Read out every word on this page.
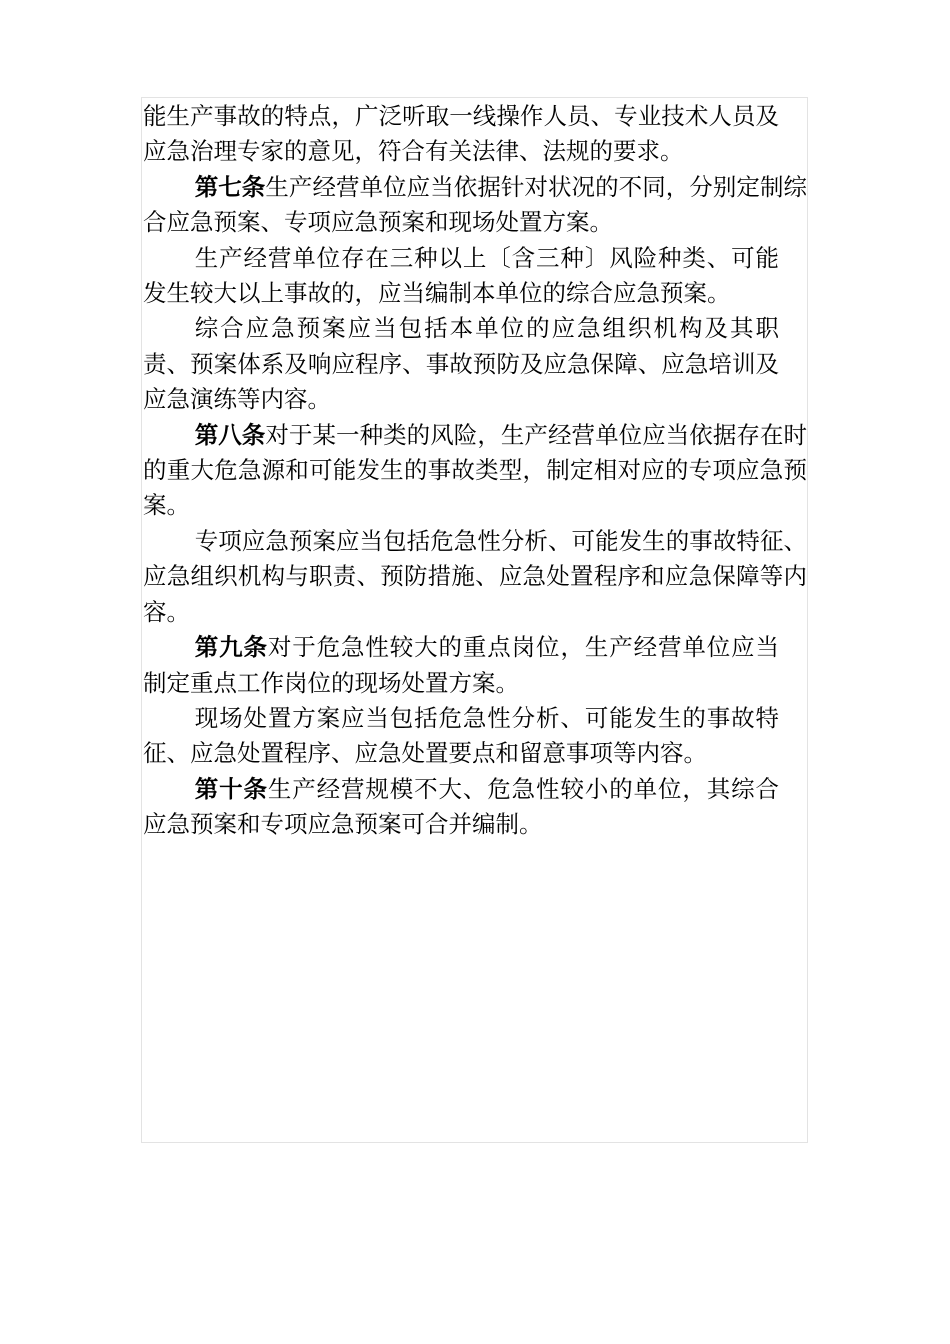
能生产事故的特点，广泛听取一线操作人员、专业技术人员及应急治理专家的意见，符合有关法律、法规的要求。

第七条生产经营单位应当依据针对状况的不同，分别定制综合应急预案、专项应急预案和现场处置方案。

生产经营单位存在三种以上〔含三种〕风险种类、可能发生较大以上事故的，应当编制本单位的综合应急预案。

综合应急预案应当包括本单位的应急组织机构及其职责、预案体系及响应程序、事故预防及应急保障、应急培训及应急演练等内容。

第八条对于某一种类的风险，生产经营单位应当依据存在时的重大危急源和可能发生的事故类型，制定相对应的专项应急预案。

专项应急预案应当包括危急性分析、可能发生的事故特征、应急组织机构与职责、预防措施、应急处置程序和应急保障等内容。

第九条对于危急性较大的重点岗位，生产经营单位应当制定重点工作岗位的现场处置方案。

现场处置方案应当包括危急性分析、可能发生的事故特征、应急处置程序、应急处置要点和留意事项等内容。

第十条生产经营规模不大、危急性较小的单位，其综合应急预案和专项应急预案可合并编制。
